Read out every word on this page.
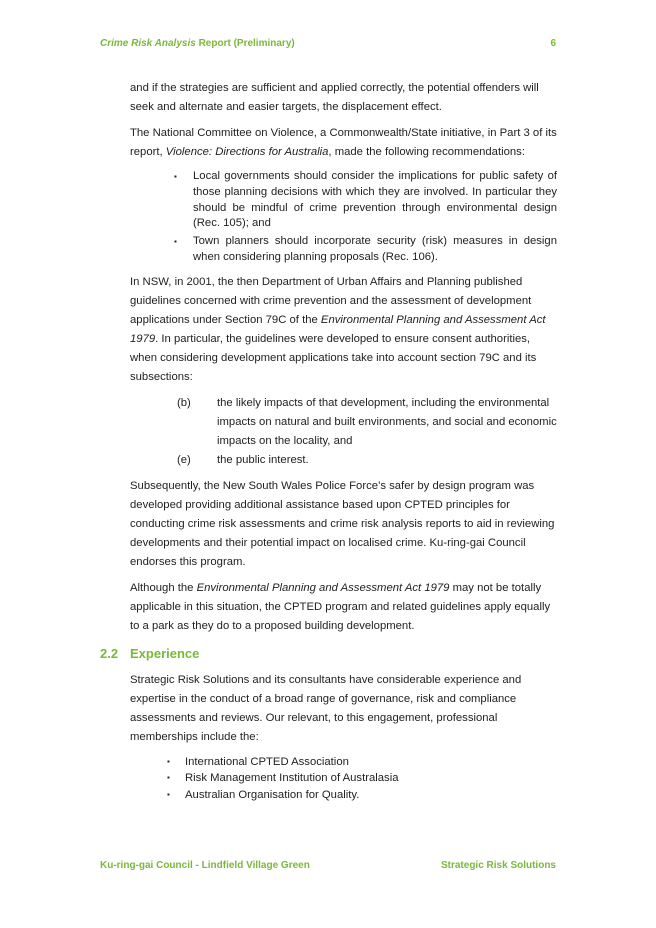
Crime Risk Analysis Report (Preliminary)	6

and if the strategies are sufficient and applied correctly, the potential offenders will seek and alternate and easier targets, the displacement effect.

The National Committee on Violence, a Commonwealth/State initiative, in Part 3 of its report, Violence: Directions for Australia, made the following recommendations:

▪ Local governments should consider the implications for public safety of those planning decisions with which they are involved. In particular they should be mindful of crime prevention through environmental design (Rec. 105); and
▪ Town planners should incorporate security (risk) measures in design when considering planning proposals (Rec. 106).

In NSW, in 2001, the then Department of Urban Affairs and Planning published guidelines concerned with crime prevention and the assessment of development applications under Section 79C of the Environmental Planning and Assessment Act 1979. In particular, the guidelines were developed to ensure consent authorities, when considering development applications take into account section 79C and its subsections:

(b)	the likely impacts of that development, including the environmental impacts on natural and built environments, and social and economic impacts on the locality, and
(e)	the public interest.

Subsequently, the New South Wales Police Force’s safer by design program was developed providing additional assistance based upon CPTED principles for conducting crime risk assessments and crime risk analysis reports to aid in reviewing developments and their potential impact on localised crime. Ku-ring-gai Council endorses this program.

Although the Environmental Planning and Assessment Act 1979 may not be totally applicable in this situation, the CPTED program and related guidelines apply equally to a park as they do to a proposed building development.

2.2 Experience

Strategic Risk Solutions and its consultants have considerable experience and expertise in the conduct of a broad range of governance, risk and compliance assessments and reviews. Our relevant, to this engagement, professional memberships include the:

▪ International CPTED Association
▪ Risk Management Institution of Australasia
▪ Australian Organisation for Quality.
Ku-ring-gai Council - Lindfield Village Green	Strategic Risk Solutions
